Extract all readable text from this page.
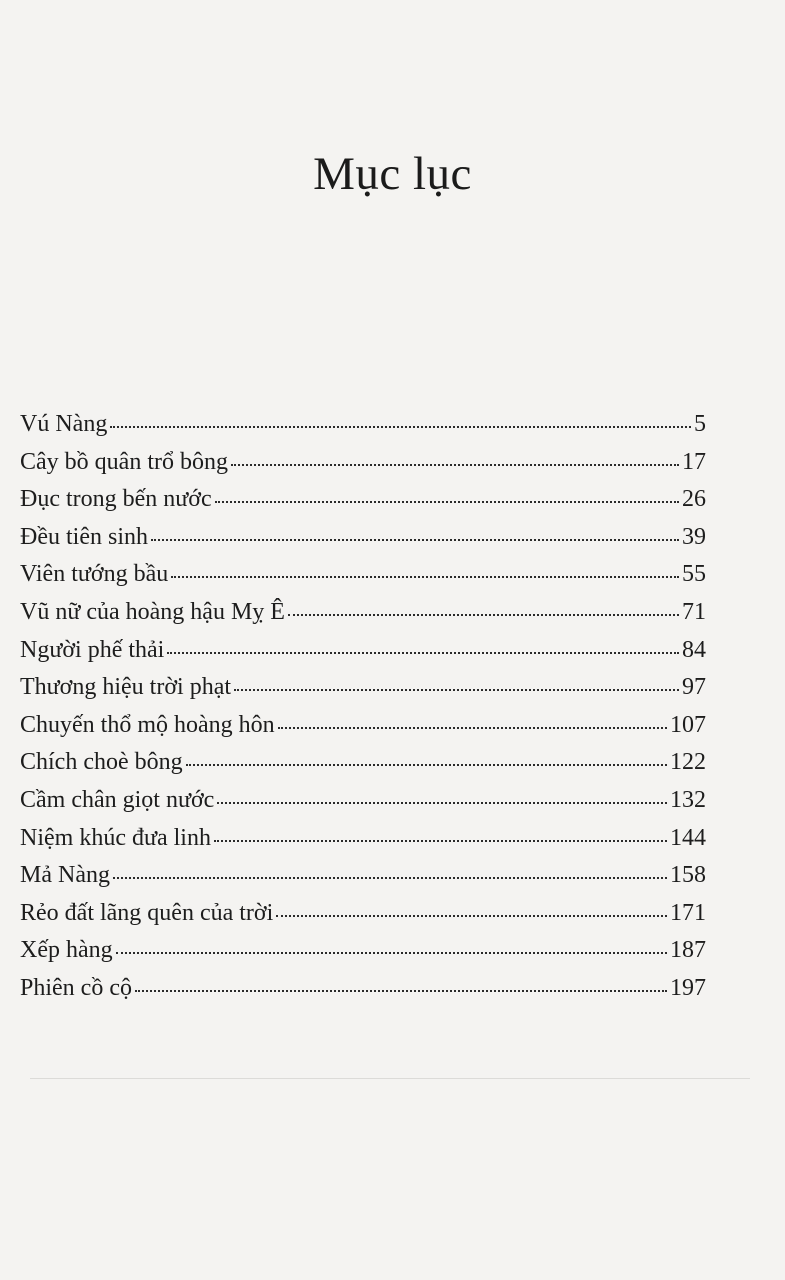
Mục lục
Vú Nàng	5
Cây bồ quân trổ bông	17
Đục trong bến nước	26
Đều tiên sinh	39
Viên tướng bầu	55
Vũ nữ của hoàng hậu Mỵ Ê	71
Người phế thải	84
Thương hiệu trời phạt	97
Chuyến thổ mộ hoàng hôn	107
Chích choè bông	122
Cầm chân giọt nước	132
Niệm khúc đưa linh	144
Mả Nàng	158
Rẻo đất lãng quên của trời	171
Xếp hàng	187
Phiên cồ cộ	197
